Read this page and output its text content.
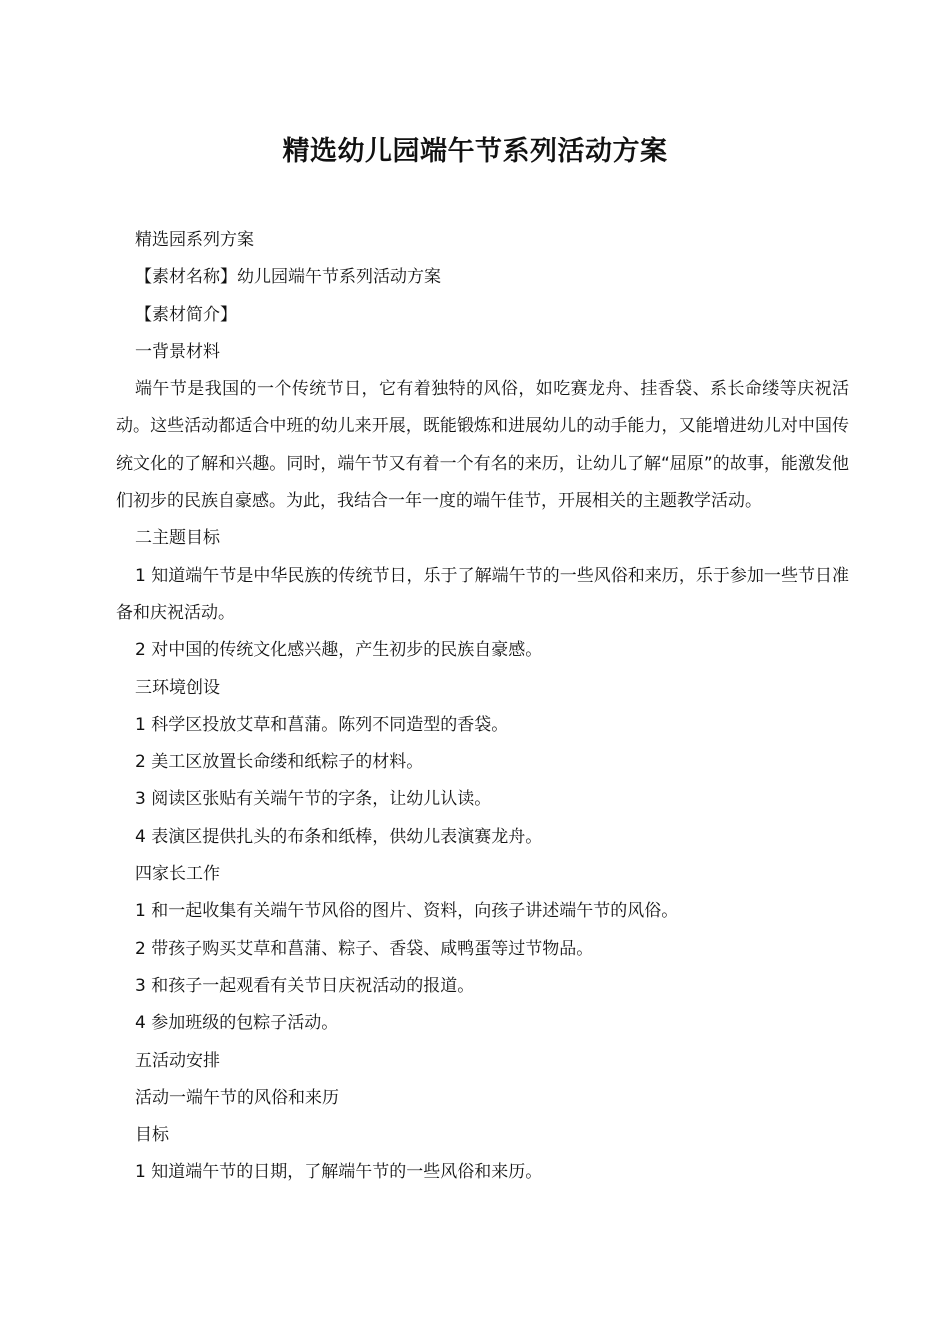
精选幼儿园端午节系列活动方案

精选园系列方案

【素材名称】幼儿园端午节系列活动方案

【素材简介】

一背景材料

端午节是我国的一个传统节日，它有着独特的风俗，如吃赛龙舟、挂香袋、系长命缕等庆祝活动。这些活动都适合中班的幼儿来开展，既能锻炼和进展幼儿的动手能力，又能增进幼儿对中国传统文化的了解和兴趣。同时，端午节又有着一个有名的来历，让幼儿了解“屈原”的故事，能激发他们初步的民族自豪感。为此，我结合一年一度的端午佳节，开展相关的主题教学活动。

二主题目标

1 知道端午节是中华民族的传统节日，乐于了解端午节的一些风俗和来历，乐于参加一些节日准备和庆祝活动。

2 对中国的传统文化感兴趣，产生初步的民族自豪感。

三环境创设

1 科学区投放艾草和菖蒲。陈列不同造型的香袋。

2 美工区放置长命缕和纸粽子的材料。

3 阅读区张贴有关端午节的字条，让幼儿认读。

4 表演区提供扎头的布条和纸棒，供幼儿表演赛龙舟。

四家长工作

1 和一起收集有关端午节风俗的图片、资料，向孩子讲述端午节的风俗。

2 带孩子购买艾草和菖蒲、粽子、香袋、咸鸭蛋等过节物品。

3 和孩子一起观看有关节日庆祝活动的报道。

4 参加班级的包粽子活动。

五活动安排

活动一端午节的风俗和来历

目标

1 知道端午节的日期，了解端午节的一些风俗和来历。
